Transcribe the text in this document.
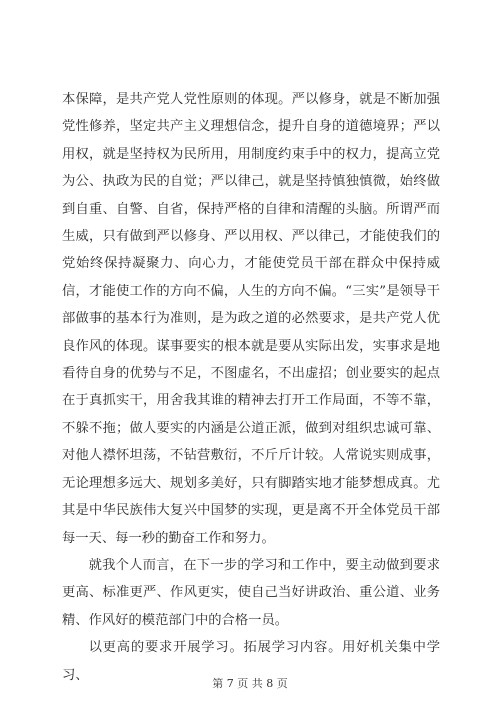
本保障，是共产党人党性原则的体现。严以修身，就是不断加强党性修养，坚定共产主义理想信念，提升自身的道德境界；严以用权，就是坚持权为民所用，用制度约束手中的权力，提高立党为公、执政为民的自觉；严以律己，就是坚持慎独慎微，始终做到自重、自警、自省，保持严格的自律和清醒的头脑。所谓严而生威，只有做到严以修身、严以用权、严以律己，才能使我们的党始终保持凝聚力、向心力，才能使党员干部在群众中保持威信，才能使工作的方向不偏，人生的方向不偏。“三实”是领导干部做事的基本行为准则，是为政之道的必然要求，是共产党人优良作风的体现。谋事要实的根本就是要从实际出发，实事求是地看待自身的优势与不足，不图虚名，不出虚招；创业要实的起点在于真抓实干，用舍我其谁的精神去打开工作局面，不等不靠，不躲不拖；做人要实的内涵是公道正派，做到对组织忠诚可靠、对他人襟怀坦荡，不钻营敷衍，不斤斤计较。人常说实则成事，无论理想多远大、规划多美好，只有脚踏实地才能梦想成真。尤其是中华民族伟大复兴中国梦的实现，更是离不开全体党员干部每一天、每一秒的勤奋工作和努力。

就我个人而言，在下一步的学习和工作中，要主动做到要求更高、标准更严、作风更实，使自己当好讲政治、重公道、业务精、作风好的模范部门中的合格一员。

以更高的要求开展学习。拓展学习内容。用好机关集中学习、

第 7 页 共 8 页
